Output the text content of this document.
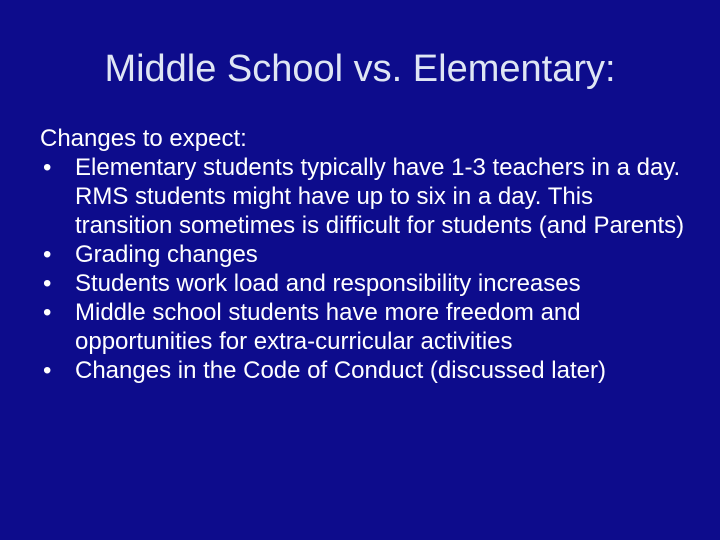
Middle School vs. Elementary:

Changes to expect:

• Elementary students typically have 1-3 teachers in a day. RMS students might have up to six in a day. This transition sometimes is difficult for students (and Parents)
• Grading changes
• Students work load and responsibility increases
• Middle school students have more freedom and opportunities for extra-curricular activities
• Changes in the Code of Conduct (discussed later)
